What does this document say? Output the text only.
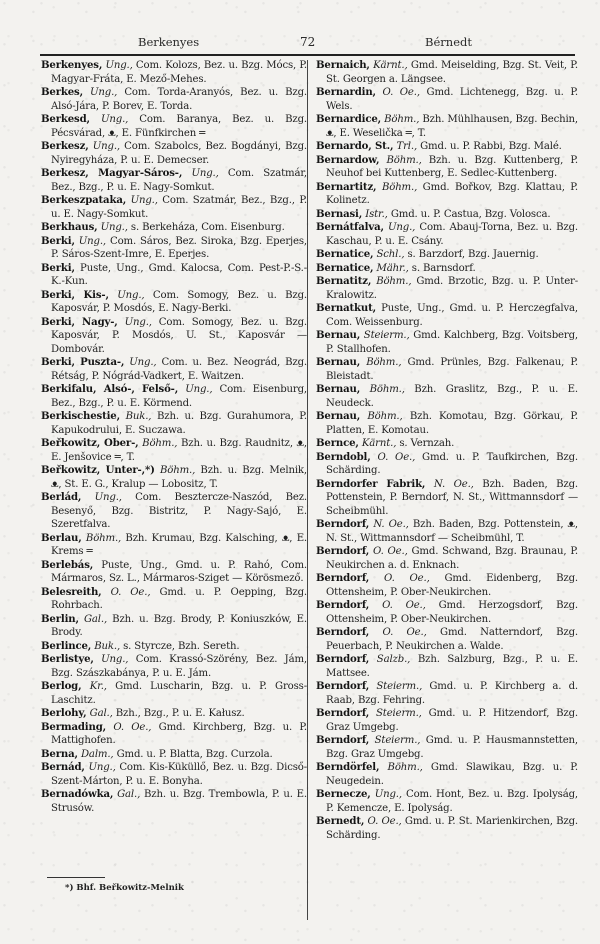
Berkenyes	72	Bérnedt

Berkenyes, Ung., Com. Kolozs, Bez. u. Bzg. Mócs, P. Magyar-Fráta, E. Mező-Mehes.

Berkes, Ung., Com. Torda-Aranyós, Bez. u. Bzg. Alsó-Jára, P. Borev, E. Torda.

Berkesd, Ung., Com. Baranya, Bez. u. Bzg. Pécsvárad, ᴥ, E. Fünfkirchen ═

Berkesz, Ung., Com. Szabolcs, Bez. Bogdányi, Bzg. Nyiregyháza, P. u. E. Demecser.

Berkesz, Magyar-Sáros-, Ung., Com. Szatmár, Bez., Bzg., P. u. E. Nagy-Somkut.

Berkeszpataka, Ung., Com. Szatmár, Bez., Bzg., P. u. E. Nagy-Somkut.

Berkhaus, Ung., s. Berkeháza, Com. Eisenburg.

Berki, Ung., Com. Sáros, Bez. Siroka, Bzg. Eperjes, P. Sáros-Szent-Imre, E. Eperjes.

Berki, Puste, Ung., Gmd. Kalocsa, Com. Pest-P.-S.-K.-Kun.

Berki, Kis-, Ung., Com. Somogy, Bez. u. Bzg. Kaposvár, P. Mosdós, E. Nagy-Berki.

Berki, Nagy-, Ung., Com. Somogy, Bez. u. Bzg. Kaposvár, P. Mosdós, U. St., Kaposvár — Dombovár.

Berki, Puszta-, Ung., Com. u. Bez. Neográd, Bzg. Rétság, P. Nógrád-Vadkert, E. Waitzen.

Berkifalu, Alsó-, Felső-, Ung., Com. Eisenburg, Bez., Bzg., P. u. E. Körmend.

Berkischestie, Buk., Bzh. u. Bzg. Gurahumora, P. Kapukodrului, E. Suczawa.

Beřkowitz, Ober-, Böhm., Bzh. u. Bzg. Raudnitz, ᴥ, E. Jenšovice ═, T.

Beřkowitz, Unter-,*) Böhm., Bzh. u. Bzg. Melnik, ᴥ, St. E. G., Kralup — Lobositz, T.

Berlád, Ung., Com. Besztercze-Naszód, Bez. Besenyő, Bzg. Bistritz, P. Nagy-Sajó, E. Szeretfalva.

Berlau, Böhm., Bzh. Krumau, Bzg. Kalsching, ᴥ, E. Krems ═

Berlebás, Puste, Ung., Gmd. u. P. Rahó, Com. Mármaros, Sz. L., Mármaros-Sziget — Körösmező.

Belesreith, O. Oe., Gmd. u. P. Oepping, Bzg. Rohrbach.

Berlin, Gal., Bzh. u. Bzg. Brody, P. Koniuszków, E. Brody.

Berlince, Buk., s. Styrcze, Bzh. Sereth.

Berlistye, Ung., Com. Krassó-Szörény, Bez. Jám, Bzg. Szászkabánya, P. u. E. Jám.

Berlog, Kr., Gmd. Luscharin, Bzg. u. P. Gross-Laschitz.

Berlohy, Gal., Bzh., Bzg., P. u. E. Kałusz.

Bermading, O. Oe., Gmd. Kirchberg, Bzg. u. P. Mattighofen.

Berna, Dalm., Gmd. u. P. Blatta, Bzg. Curzola.

Bernád, Ung., Com. Kis-Küküllő, Bez. u. Bzg. Dicső-Szent-Márton, P. u. E. Bonyha.

Bernadówka, Gal., Bzh. u. Bzg. Trembowla, P. u. E. Strusów.

Bernaich, Kärnt., Gmd. Meiselding, Bzg. St. Veit, P. St. Georgen a. Längsee.

Bernardin, O. Oe., Gmd. Lichtenegg, Bzg. u. P. Wels.

Bernardice, Böhm., Bzh. Mühlhausen, Bzg. Bechin, ᴥ, E. Weselička ═, T.

Bernardo, St., Trl., Gmd. u. P. Rabbi, Bzg. Malé.

Bernardow, Böhm., Bzh. u. Bzg. Kuttenberg, P. Neuhof bei Kuttenberg, E. Sedlec-Kuttenberg.

Bernartitz, Böhm., Gmd. Bořkov, Bzg. Klattau, P. Kolinetz.

Bernasi, Istr., Gmd. u. P. Castua, Bzg. Volosca.

Bernátfalva, Ung., Com. Abauj-Torna, Bez. u. Bzg. Kaschau, P. u. E. Csány.

Bernatice, Schl., s. Barzdorf, Bzg. Jauernig.

Bernatice, Mähr., s. Barnsdorf.

Bernatitz, Böhm., Gmd. Brzotic, Bzg. u. P. Unter-Kralowitz.

Bernatkut, Puste, Ung., Gmd. u. P. Herczegfalva, Com. Weissenburg.

Bernau, Steierm., Gmd. Kalchberg, Bzg. Voitsberg, P. Stallhofen.

Bernau, Böhm., Gmd. Prünles, Bzg. Falkenau, P. Bleistadt.

Bernau, Böhm., Bzh. Graslitz, Bzg., P. u. E. Neudeck.

Bernau, Böhm., Bzh. Komotau, Bzg. Görkau, P. Platten, E. Komotau.

Bernce, Kärnt., s. Vernzah.

Berndobl, O. Oe., Gmd. u. P. Taufkirchen, Bzg. Schärding.

Berndorfer Fabrik, N. Oe., Bzh. Baden, Bzg. Pottenstein, P. Berndorf, N. St., Wittmannsdorf — Scheibmühl.

Berndorf, N. Oe., Bzh. Baden, Bzg. Pottenstein, ᴥ, N. St., Wittmannsdorf — Scheibmühl, T.

Berndorf, O. Oe., Gmd. Schwand, Bzg. Braunau, P. Neukirchen a. d. Enknach.

Berndorf, O. Oe., Gmd. Eidenberg, Bzg. Ottensheim, P. Ober-Neukirchen.

Berndorf, O. Oe., Gmd. Herzogsdorf, Bzg. Ottensheim, P. Ober-Neukirchen.

Berndorf, O. Oe., Gmd. Natterndorf, Bzg. Peuerbach, P. Neukirchen a. Walde.

Berndorf, Salzb., Bzh. Salzburg, Bzg., P. u. E. Mattsee.

Berndorf, Steierm., Gmd. u. P. Kirchberg a. d. Raab, Bzg. Fehring.

Berndorf, Steierm., Gmd. u. P. Hitzendorf, Bzg. Graz Umgebg.

Berndorf, Steierm., Gmd. u. P. Hausmannstetten, Bzg. Graz Umgebg.

Berndörfel, Böhm., Gmd. Slawikau, Bzg. u. P. Neugedein.

Bernecze, Ung., Com. Hont, Bez. u. Bzg. Ipolyság, P. Kemencze, E. Ipolyság.

Bernedt, O. Oe., Gmd. u. P. St. Marienkirchen, Bzg. Schärding.

*) Bhf. Beřkowitz-Melnik
